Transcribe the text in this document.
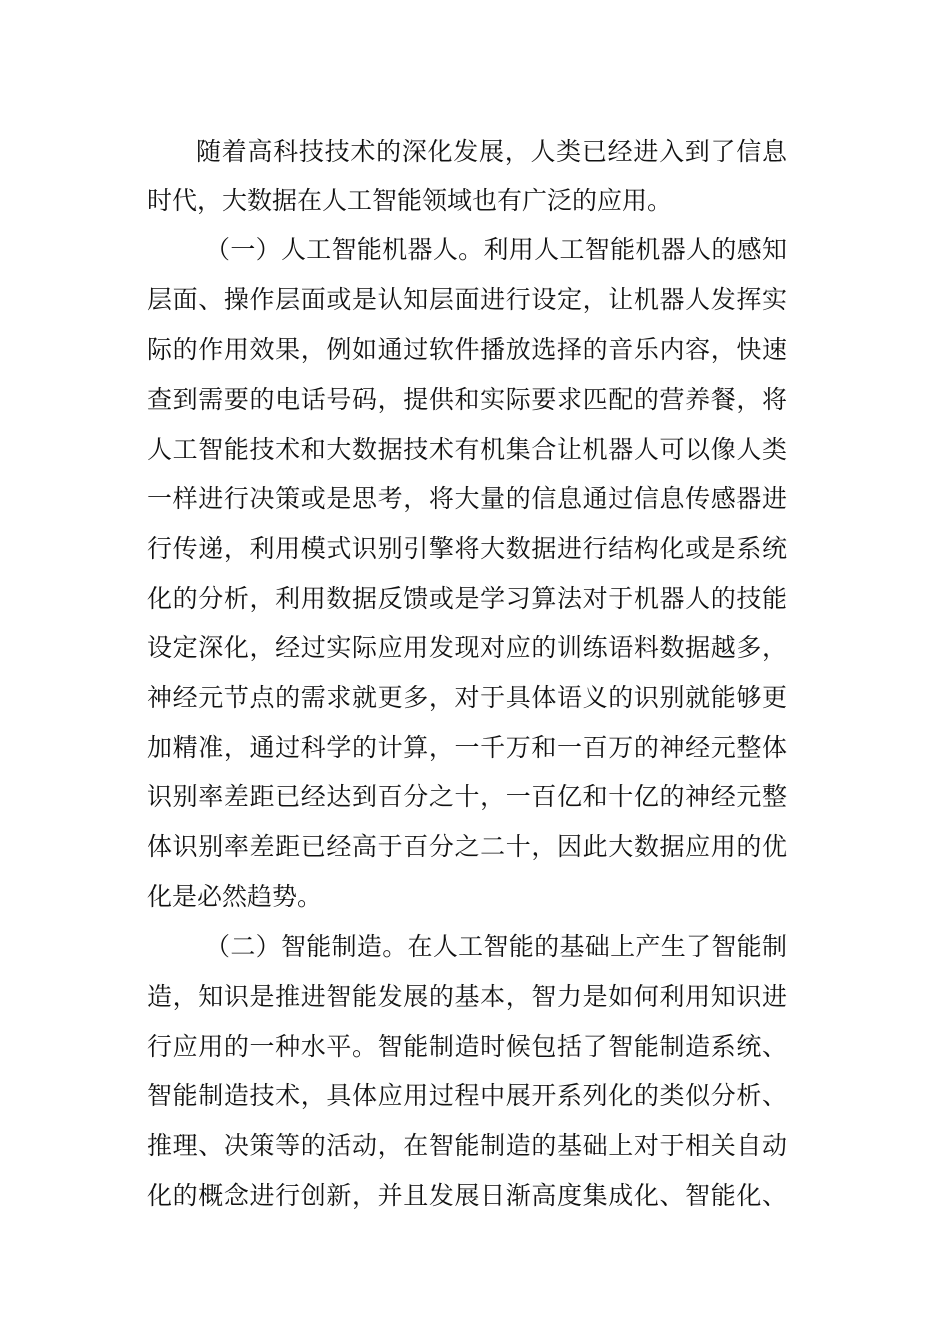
随着高科技技术的深化发展，人类已经进入到了信息
时代，大数据在人工智能领域也有广泛的应用。
（一）人工智能机器人。利用人工智能机器人的感知
层面、操作层面或是认知层面进行设定，让机器人发挥实
际的作用效果，例如通过软件播放选择的音乐内容，快速
查到需要的电话号码，提供和实际要求匹配的营养餐，将
人工智能技术和大数据技术有机集合让机器人可以像人类
一样进行决策或是思考，将大量的信息通过信息传感器进
行传递，利用模式识别引擎将大数据进行结构化或是系统
化的分析，利用数据反馈或是学习算法对于机器人的技能
设定深化，经过实际应用发现对应的训练语料数据越多，
神经元节点的需求就更多，对于具体语义的识别就能够更
加精准，通过科学的计算，一千万和一百万的神经元整体
识别率差距已经达到百分之十，一百亿和十亿的神经元整
体识别率差距已经高于百分之二十，因此大数据应用的优
化是必然趋势。
（二）智能制造。在人工智能的基础上产生了智能制
造，知识是推进智能发展的基本，智力是如何利用知识进
行应用的一种水平。智能制造时候包括了智能制造系统、
智能制造技术，具体应用过程中展开系列化的类似分析、
推理、决策等的活动，在智能制造的基础上对于相关自动
化的概念进行创新，并且发展日渐高度集成化、智能化、
